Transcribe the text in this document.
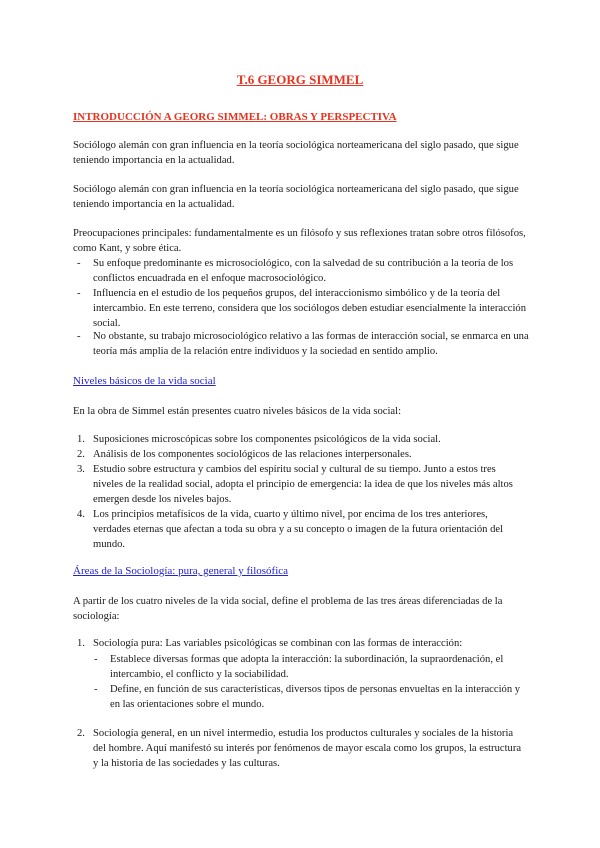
T.6 GEORG SIMMEL
INTRODUCCIÓN A GEORG SIMMEL: OBRAS Y PERSPECTIVA

Sociólogo alemán con gran influencia en la teoría sociológica norteamericana del siglo pasado, que sigue teniendo importancia en la actualidad.

Sociólogo alemán con gran influencia en la teoría sociológica norteamericana del siglo pasado, que sigue teniendo importancia en la actualidad.

Preocupaciones principales: fundamentalmente es un filósofo y sus reflexiones tratan sobre otros filósofos, como Kant, y sobre ética.

- Su enfoque predominante es microsociológico, con la salvedad de su contribución a la teoría de los conflictos encuadrada en el enfoque macrosociológico.
- Influencia en el estudio de los pequeños grupos, del interaccionismo simbólico y de la teoría del intercambio. En este terreno, considera que los sociólogos deben estudiar esencialmente la interacción social.
- No obstante, su trabajo microsociológico relativo a las formas de interacción social, se enmarca en una teoría más amplia de la relación entre individuos y la sociedad en sentido amplio.
Niveles básicos de la vida social

En la obra de Simmel están presentes cuatro niveles básicos de la vida social:

1. Suposiciones microscópicas sobre los componentes psicológicos de la vida social.
2. Análisis de los componentes sociológicos de las relaciones interpersonales.
3. Estudio sobre estructura y cambios del espíritu social y cultural de su tiempo. Junto a estos tres niveles de la realidad social, adopta el principio de emergencia: la idea de que los niveles más altos emergen desde los niveles bajos.
4. Los principios metafísicos de la vida, cuarto y último nivel, por encima de los tres anteriores, verdades eternas que afectan a toda su obra y a su concepto o imagen de la futura orientación del mundo.
Áreas de la Sociología: pura, general y filosófica

A partir de los cuatro niveles de la vida social, define el problema de las tres áreas diferenciadas de la sociología:

1. Sociología pura: Las variables psicológicas se combinan con las formas de interacción:
- Establece diversas formas que adopta la interacción: la subordinación, la supraordenación, el intercambio, el conflicto y la sociabilidad.
- Define, en función de sus características, diversos tipos de personas envueltas en la interacción y en las orientaciones sobre el mundo.
2. Sociología general, en un nivel intermedio, estudia los productos culturales y sociales de la historia del hombre. Aquí manifestó su interés por fenómenos de mayor escala como los grupos, la estructura y la historia de las sociedades y las culturas.
